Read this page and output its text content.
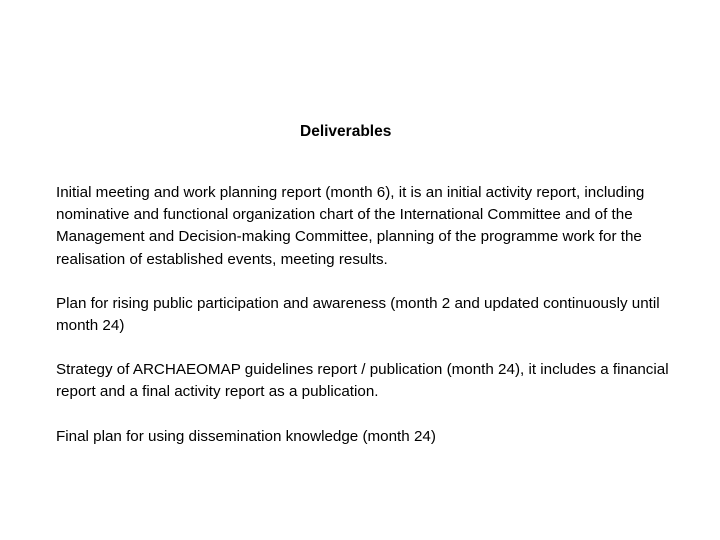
Deliverables

Initial meeting and work planning report (month 6), it is an initial activity report, including nominative and functional organization chart of the International Committee and of the Management and Decision-making Committee, planning of the programme work for the realisation of established events, meeting results.

Plan for rising public participation and awareness (month 2 and updated continuously until month 24)

Strategy of ARCHAEOMAP guidelines report / publication (month 24), it includes a financial report and a final activity report as a publication.

Final plan for using dissemination knowledge (month 24)
